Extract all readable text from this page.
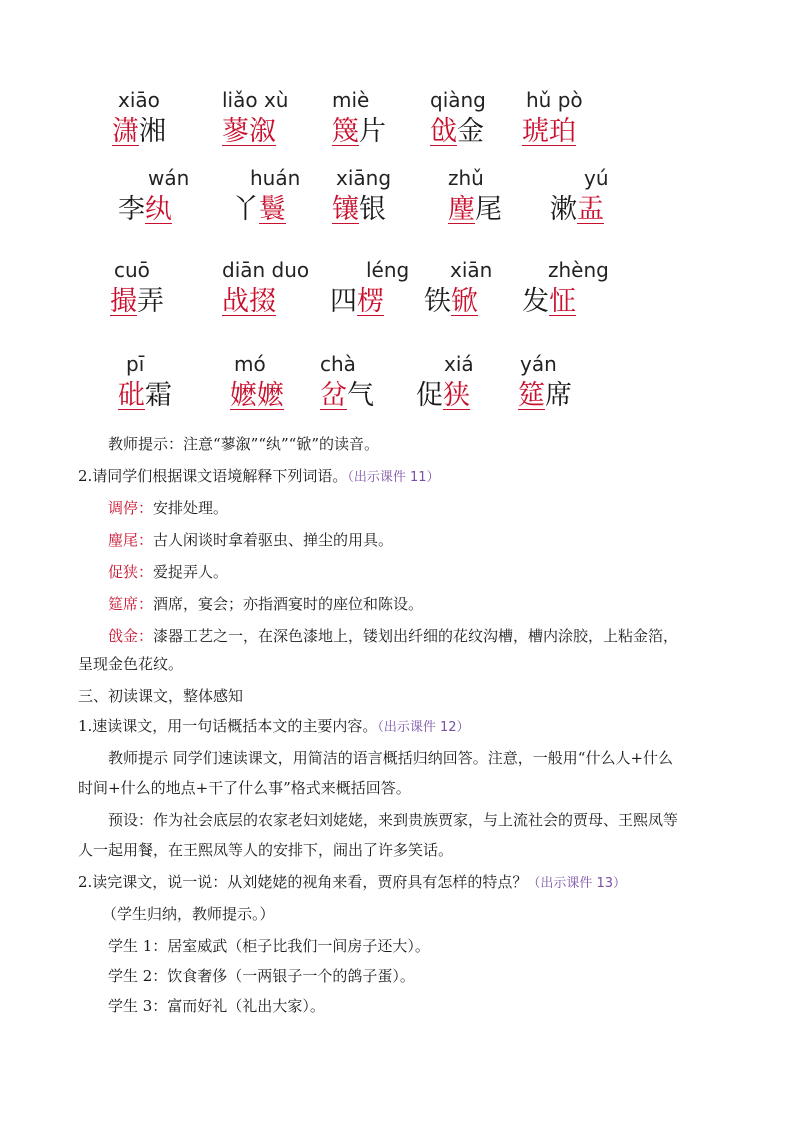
xiāo
潇湘
liǎo xù
蓼溆
miè
篾片
qiàng
戗金
hǔ pò
琥珀
wán
李纨
huán
丫鬟
xiāng
镶银
zhǔ
麈尾
yú
漱盂
cuō
撮弄
diān duo
战掇
léng
四楞
xiān
铁锨
zhèng
发怔
pī
砒霜
mó
嬷嬷
chà
岔气
xiá
促狭
yán
筵席
教师提示：注意“蓼溆”“纨”“锨”的读音。
2.请同学们根据课文语境解释下列词语。（出示课件 11）
调停：安排处理。
麈尾：古人闲谈时拿着驱虫、掸尘的用具。
促狭：爱捉弄人。
筵席：酒席，宴会；亦指酒宴时的座位和陈设。
戗金：漆器工艺之一，在深色漆地上，镂划出纤细的花纹沟槽，槽内涂胶，上粘金箔，
呈现金色花纹。
三、初读课文，整体感知
1.速读课文，用一句话概括本文的主要内容。（出示课件 12）
教师提示 同学们速读课文，用简洁的语言概括归纳回答。注意，一般用“什么人+什么
时间+什么的地点+干了什么事”格式来概括回答。
预设：作为社会底层的农家老妇刘姥姥，来到贵族贾家，与上流社会的贾母、王熙凤等
人一起用餐，在王熙凤等人的安排下，闹出了许多笑话。
2.读完课文，说一说：从刘姥姥的视角来看，贾府具有怎样的特点？（出示课件 13）
（学生归纳，教师提示。）
学生 1：居室威武（柜子比我们一间房子还大）。
学生 2：饮食奢侈（一两银子一个的鸽子蛋）。
学生 3：富而好礼（礼出大家）。
